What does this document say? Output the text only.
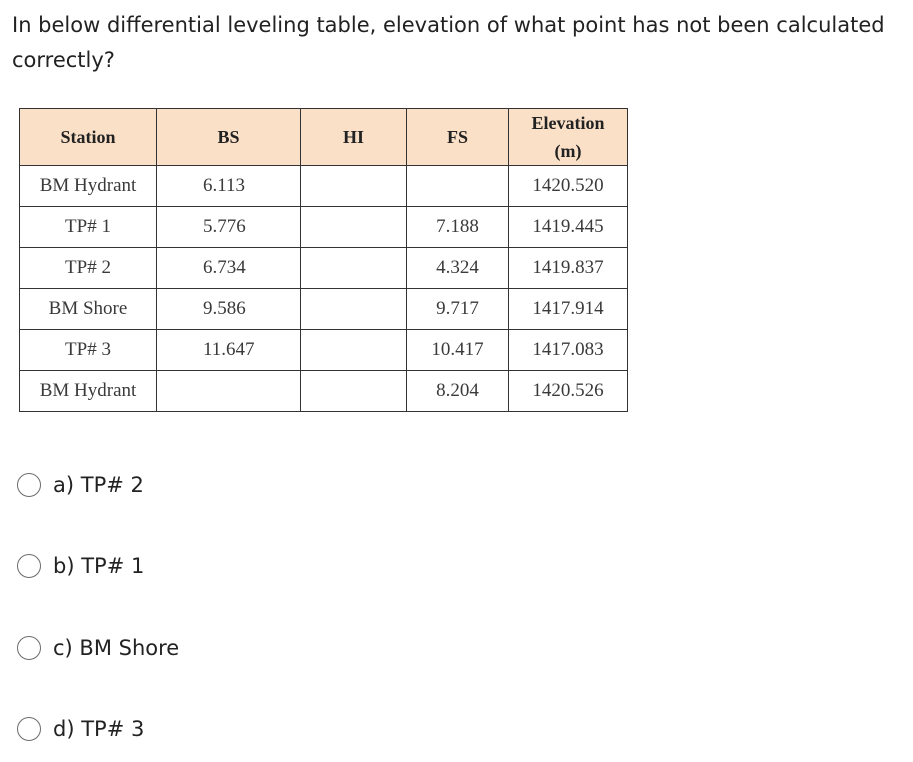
In below differential leveling table, elevation of what point has not been calculated correctly?
Station	BS	HI	FS	Elevation
(m)

BM Hydrant	6.113			1420.520
TP# 1	5.776		7.188	1419.445
TP# 2	6.734		4.324	1419.837
BM Shore	9.586		9.717	1417.914
TP# 3	11.647		10.417	1417.083
BM Hydrant			8.204	1420.526
a) TP# 2
b) TP# 1
c) BM Shore
d) TP# 3
